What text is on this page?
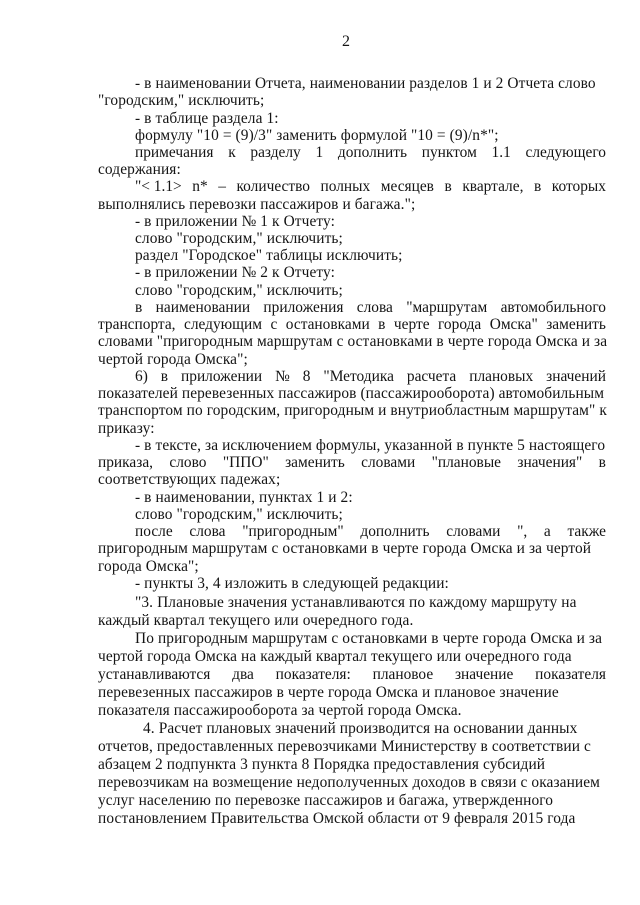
2
- в наименовании Отчета, наименовании разделов 1 и 2 Отчета слово
"городским," исключить;
- в таблице раздела 1:
формулу "10 = (9)/3" заменить формулой "10 = (9)/n*";
примечания к разделу 1 дополнить пунктом 1.1 следующего
содержания:
"< 1.1> n* – количество полных месяцев в квартале, в которых
выполнялись перевозки пассажиров и багажа.";
- в приложении № 1 к Отчету:
слово "городским," исключить;
раздел "Городское" таблицы исключить;
- в приложении № 2 к Отчету:
слово "городским," исключить;
в наименовании приложения слова "маршрутам автомобильного
транспорта, следующим с остановками в черте города Омска" заменить
словами "пригородным маршрутам с остановками в черте города Омска и за
чертой города Омска";
6) в приложении № 8 "Методика расчета плановых значений
показателей перевезенных пассажиров (пассажирооборота) автомобильным
транспортом по городским, пригородным и внутриобластным маршрутам" к
приказу:
- в тексте, за исключением формулы, указанной в пункте 5 настоящего
приказа, слово "ППО" заменить словами "плановые значения" в
соответствующих падежах;
- в наименовании, пунктах 1 и 2:
слово "городским," исключить;
после слова "пригородным" дополнить словами ", а также
пригородным маршрутам с остановками в черте города Омска и за чертой
города Омска";
- пункты 3, 4 изложить в следующей редакции:
"3. Плановые значения устанавливаются по каждому маршруту на
каждый квартал текущего или очередного года.
По пригородным маршрутам с остановками в черте города Омска и за
чертой города Омска на каждый квартал текущего или очередного года
устанавливаются два показателя: плановое значение показателя
перевезенных пассажиров в черте города Омска и плановое значение
показателя пассажирооборота за чертой города Омска.
4. Расчет плановых значений производится на основании данных
отчетов, предоставленных перевозчиками Министерству в соответствии с
абзацем 2 подпункта 3 пункта 8 Порядка предоставления субсидий
перевозчикам на возмещение недополученных доходов в связи с оказанием
услуг населению по перевозке пассажиров и багажа, утвержденного
постановлением Правительства Омской области от 9 февраля 2015 года
